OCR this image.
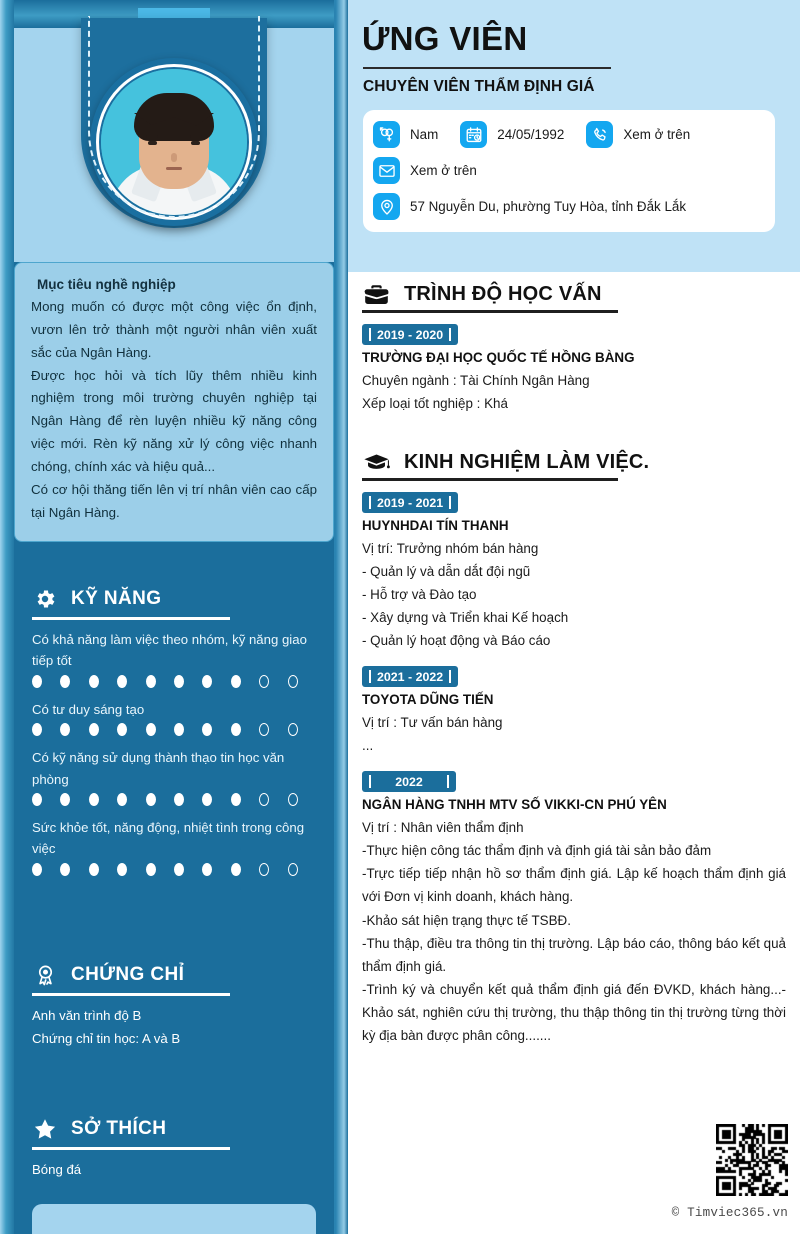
Mục tiêu nghề nghiệp

Mong muốn có được một công việc ổn định, vươn lên trở thành một người nhân viên xuất sắc của Ngân Hàng.

Được học hỏi và tích lũy thêm nhiều kinh nghiệm trong môi trường chuyên nghiệp tại Ngân Hàng để rèn luyện nhiều kỹ năng công việc mới. Rèn kỹ năng xử lý công việc nhanh chóng, chính xác và hiệu quả...

Có cơ hội thăng tiến lên vị trí nhân viên cao cấp tại Ngân Hàng.

KỸ NĂNG
Có khả năng làm việc theo nhóm, kỹ năng giao tiếp tốt
Có tư duy sáng tạo
Có kỹ năng sử dụng thành thạo tin học văn phòng
Sức khỏe tốt, năng động, nhiệt tình trong công việc
CHỨNG CHỈ
Anh văn trình độ B
Chứng chỉ tin học: A và B
SỞ THÍCH
Bóng đá
ỨNG VIÊN
CHUYÊN VIÊN THẨM ĐỊNH GIÁ
Nam	24/05/1992	Xem ở trên
Xem ở trên
57 Nguyễn Du, phường Tuy Hòa, tỉnh Đắk Lắk
TRÌNH ĐỘ HỌC VẤN
2019 - 2020
TRƯỜNG ĐẠI HỌC QUỐC TẾ HỒNG BÀNG
Chuyên ngành : Tài Chính Ngân Hàng
Xếp loại tốt nghiệp : Khá
KINH NGHIỆM LÀM VIỆC.
2019 - 2021
HUYNHDAI TÍN THANH
Vị trí: Trưởng nhóm bán hàng
- Quản lý và dẫn dắt đội ngũ
- Hỗ trợ và Đào tạo
- Xây dựng và Triển khai Kế hoạch
- Quản lý hoạt động và Báo cáo
2021 - 2022
TOYOTA DŨNG TIẾN
Vị trí : Tư vấn bán hàng
...
2022
NGÂN HÀNG TNHH MTV SỐ VIKKI-CN PHÚ YÊN
Vị trí : Nhân viên thẩm định
-Thực hiện công tác thẩm định và định giá tài sản bảo đảm
-Trực tiếp tiếp nhận hồ sơ thẩm định giá. Lập kế hoạch thẩm định giá với Đơn vị kinh doanh, khách hàng.
-Khảo sát hiện trạng thực tế TSBĐ.
-Thu thập, điều tra thông tin thị trường. Lập báo cáo, thông báo kết quả thẩm định giá.
-Trình ký và chuyển kết quả thẩm định giá đến ĐVKD, khách hàng...-Khảo sát, nghiên cứu thị trường, thu thập thông tin thị trường từng thời kỳ địa bàn được phân công.......
© Timviec365.vn
